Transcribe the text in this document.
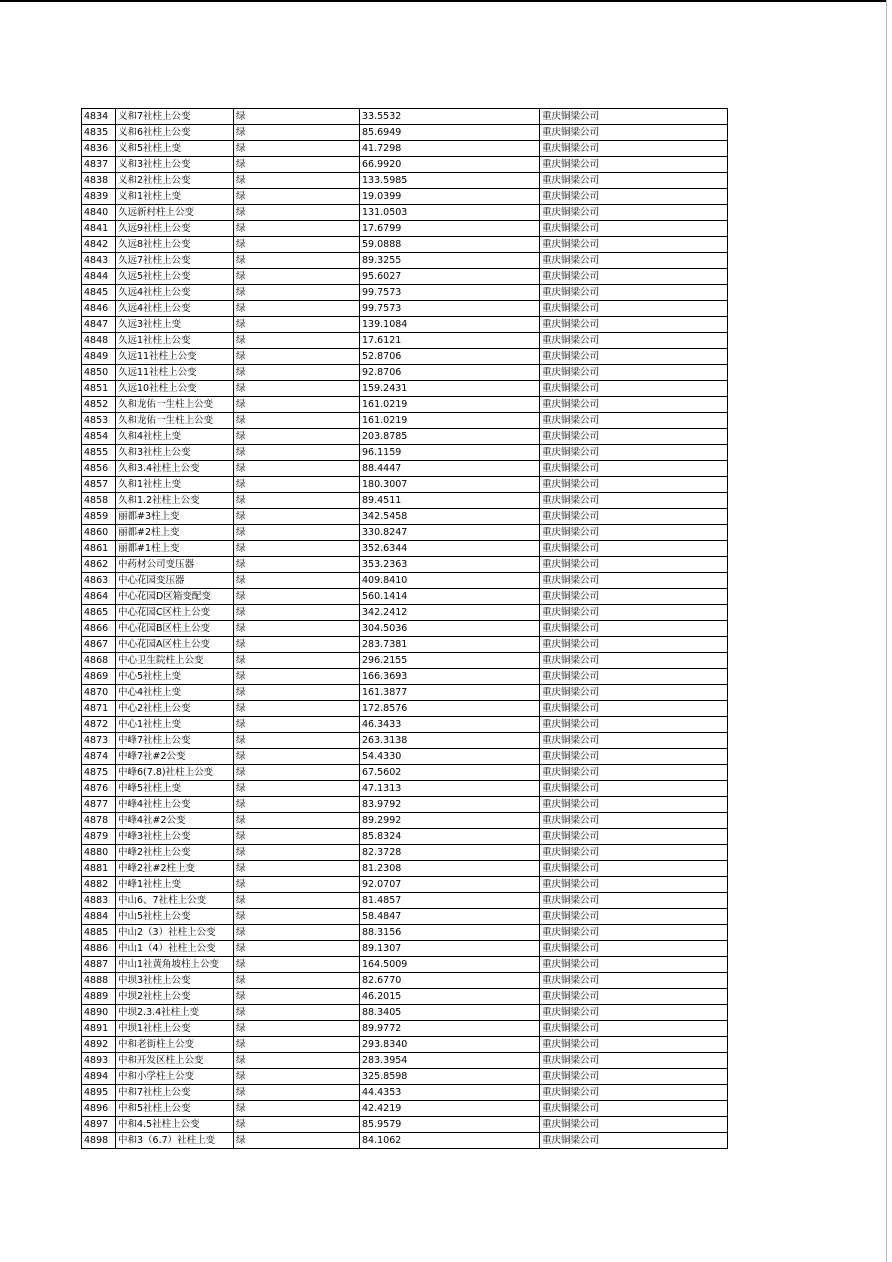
4834	义和7社柱上公变	绿	33.5532	重庆铜梁公司
4835	义和6社柱上公变	绿	85.6949	重庆铜梁公司
4836	义和5社柱上变	绿	41.7298	重庆铜梁公司
4837	义和3社柱上公变	绿	66.9920	重庆铜梁公司
4838	义和2社柱上公变	绿	133.5985	重庆铜梁公司
4839	义和1社柱上变	绿	19.0399	重庆铜梁公司
4840	久远新村柱上公变	绿	131.0503	重庆铜梁公司
4841	久远9社柱上公变	绿	17.6799	重庆铜梁公司
4842	久远8社柱上公变	绿	59.0888	重庆铜梁公司
4843	久远7社柱上公变	绿	89.3255	重庆铜梁公司
4844	久远5社柱上公变	绿	95.6027	重庆铜梁公司
4845	久远4社柱上公变	绿	99.7573	重庆铜梁公司
4846	久远4社柱上公变	绿	99.7573	重庆铜梁公司
4847	久远3社柱上变	绿	139.1084	重庆铜梁公司
4848	久远1社柱上公变	绿	17.6121	重庆铜梁公司
4849	久远11社柱上公变	绿	52.8706	重庆铜梁公司
4850	久远11社柱上公变	绿	92.8706	重庆铜梁公司
4851	久远10社柱上公变	绿	159.2431	重庆铜梁公司
4852	久和龙佑一生柱上公变	绿	161.0219	重庆铜梁公司
4853	久和龙佑一生柱上公变	绿	161.0219	重庆铜梁公司
4854	久和4社柱上变	绿	203.8785	重庆铜梁公司
4855	久和3社柱上公变	绿	96.1159	重庆铜梁公司
4856	久和3.4社柱上公变	绿	88.4447	重庆铜梁公司
4857	久和1社柱上变	绿	180.3007	重庆铜梁公司
4858	久和1.2社柱上公变	绿	89.4511	重庆铜梁公司
4859	丽都#3柱上变	绿	342.5458	重庆铜梁公司
4860	丽都#2柱上变	绿	330.8247	重庆铜梁公司
4861	丽都#1柱上变	绿	352.6344	重庆铜梁公司
4862	中药材公司变压器	绿	353.2363	重庆铜梁公司
4863	中心花园变压器	绿	409.8410	重庆铜梁公司
4864	中心花园D区箱变配变	绿	560.1414	重庆铜梁公司
4865	中心花园C区柱上公变	绿	342.2412	重庆铜梁公司
4866	中心花园B区柱上公变	绿	304.5036	重庆铜梁公司
4867	中心花园A区柱上公变	绿	283.7381	重庆铜梁公司
4868	中心卫生院柱上公变	绿	296.2155	重庆铜梁公司
4869	中心5社柱上变	绿	166.3693	重庆铜梁公司
4870	中心4社柱上变	绿	161.3877	重庆铜梁公司
4871	中心2社柱上公变	绿	172.8576	重庆铜梁公司
4872	中心1社柱上变	绿	46.3433	重庆铜梁公司
4873	中峰7社柱上公变	绿	263.3138	重庆铜梁公司
4874	中峰7社#2公变	绿	54.4330	重庆铜梁公司
4875	中峰6(7.8)社柱上公变	绿	67.5602	重庆铜梁公司
4876	中峰5社柱上变	绿	47.1313	重庆铜梁公司
4877	中峰4社柱上公变	绿	83.9792	重庆铜梁公司
4878	中峰4社#2公变	绿	89.2992	重庆铜梁公司
4879	中峰3社柱上公变	绿	85.8324	重庆铜梁公司
4880	中峰2社柱上公变	绿	82.3728	重庆铜梁公司
4881	中峰2社#2柱上变	绿	81.2308	重庆铜梁公司
4882	中峰1社柱上变	绿	92.0707	重庆铜梁公司
4883	中山6、7社柱上公变	绿	81.4857	重庆铜梁公司
4884	中山5社柱上公变	绿	58.4847	重庆铜梁公司
4885	中山2（3）社柱上公变	绿	88.3156	重庆铜梁公司
4886	中山1（4）社柱上公变	绿	89.1307	重庆铜梁公司
4887	中山1社黄角坡柱上公变	绿	164.5009	重庆铜梁公司
4888	中坝3社柱上公变	绿	82.6770	重庆铜梁公司
4889	中坝2社柱上公变	绿	46.2015	重庆铜梁公司
4890	中坝2.3.4社柱上变	绿	88.3405	重庆铜梁公司
4891	中坝1社柱上公变	绿	89.9772	重庆铜梁公司
4892	中和老街柱上公变	绿	293.8340	重庆铜梁公司
4893	中和开发区柱上公变	绿	283.3954	重庆铜梁公司
4894	中和小学柱上公变	绿	325.8598	重庆铜梁公司
4895	中和7社柱上公变	绿	44.4353	重庆铜梁公司
4896	中和5社柱上公变	绿	42.4219	重庆铜梁公司
4897	中和4.5社柱上公变	绿	85.9579	重庆铜梁公司
4898	中和3（6.7）社柱上变	绿	84.1062	重庆铜梁公司
